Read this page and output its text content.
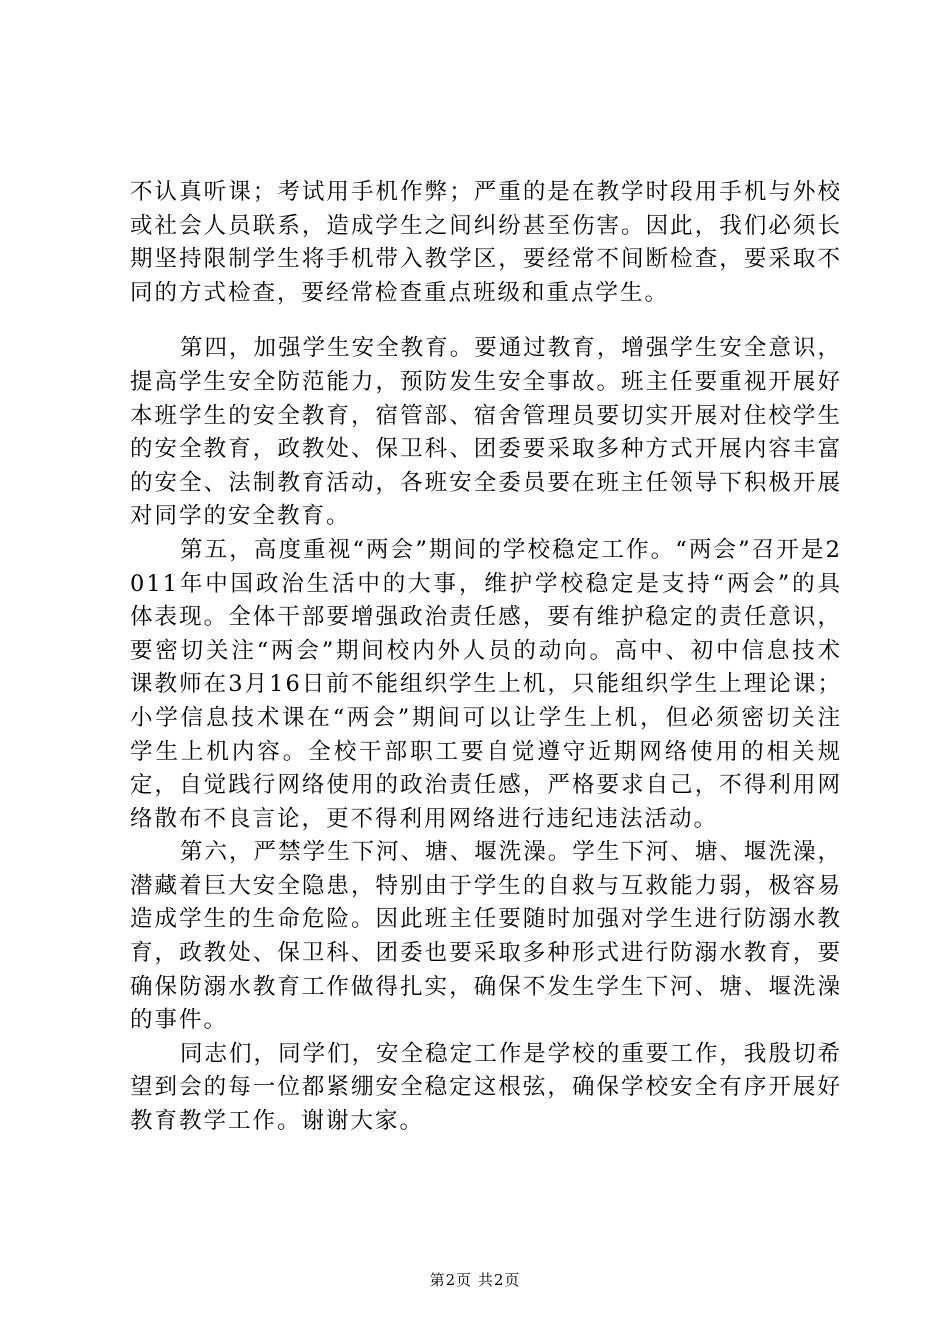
不认真听课；考试用手机作弊；严重的是在教学时段用手机与外校或社会人员联系，造成学生之间纠纷甚至伤害。因此，我们必须长期坚持限制学生将手机带入教学区，要经常不间断检查，要采取不同的方式检查，要经常检查重点班级和重点学生。

第四，加强学生安全教育。要通过教育，增强学生安全意识，提高学生安全防范能力，预防发生安全事故。班主任要重视开展好本班学生的安全教育，宿管部、宿舍管理员要切实开展对住校学生的安全教育，政教处、保卫科、团委要采取多种方式开展内容丰富的安全、法制教育活动，各班安全委员要在班主任领导下积极开展对同学的安全教育。

第五，高度重视“两会”期间的学校稳定工作。“两会”召开是2011年中国政治生活中的大事，维护学校稳定是支持“两会”的具体表现。全体干部要增强政治责任感，要有维护稳定的责任意识，要密切关注“两会”期间校内外人员的动向。高中、初中信息技术课教师在3月16日前不能组织学生上机，只能组织学生上理论课；小学信息技术课在“两会”期间可以让学生上机，但必须密切关注学生上机内容。全校干部职工要自觉遵守近期网络使用的相关规定，自觉践行网络使用的政治责任感，严格要求自己，不得利用网络散布不良言论，更不得利用网络进行违纪违法活动。

第六，严禁学生下河、塘、堰洗澡。学生下河、塘、堰洗澡，潜藏着巨大安全隐患，特别由于学生的自救与互救能力弱，极容易造成学生的生命危险。因此班主任要随时加强对学生进行防溺水教育，政教处、保卫科、团委也要采取多种形式进行防溺水教育，要确保防溺水教育工作做得扎实，确保不发生学生下河、塘、堰洗澡的事件。

同志们，同学们，安全稳定工作是学校的重要工作，我殷切希望到会的每一位都紧绷安全稳定这根弦，确保学校安全有序开展好教育教学工作。谢谢大家。

第2页 共2页
